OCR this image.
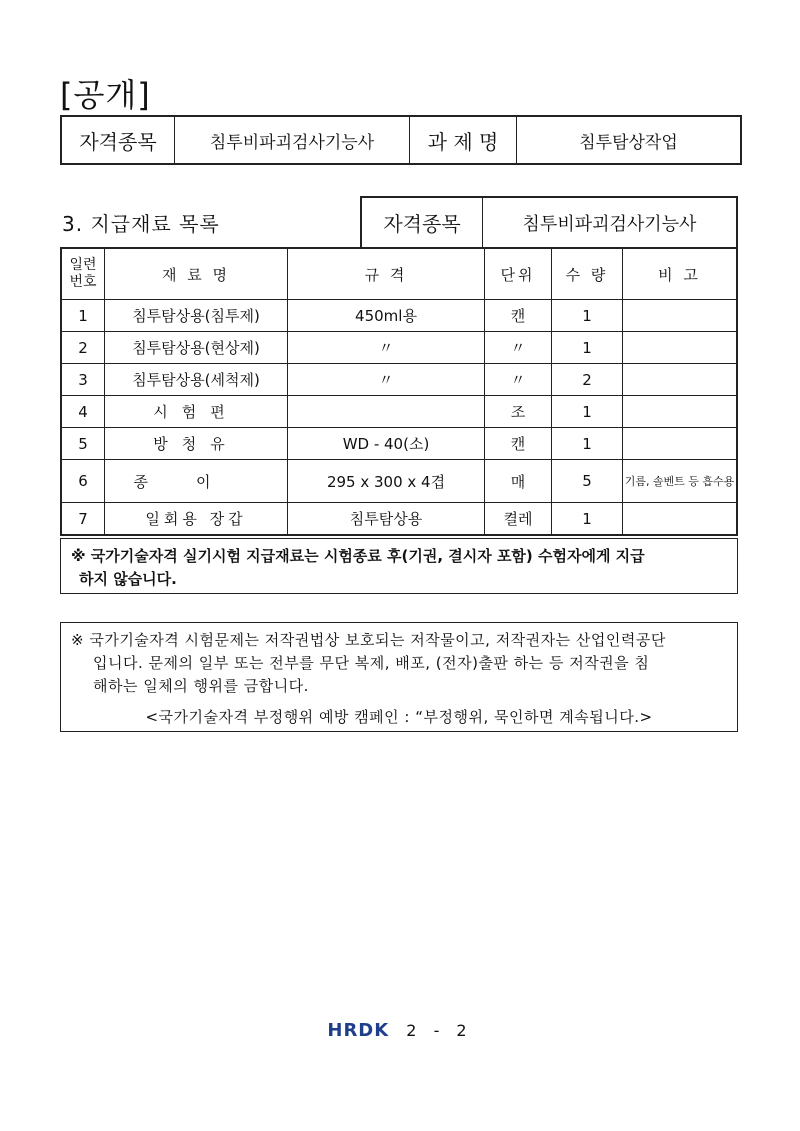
[공개]
자격종목	침투비파괴검사기능사	과 제 명	침투탐상작업
3. 지급재료 목록	자격종목	침투비파괴검사기능사
일련
번호	재 료 명	규 격	단위	수 량	비 고
1	침투탐상용(침투제)	450ml용	캔	1	
2	침투탐상용(현상제)	〃	〃	1	
3	침투탐상용(세척제)	〃	〃	2	
4	시험편		조	1	
5	방청유	WD - 40(소)	캔	1	
6	종이	295 x 300 x 4겹	매	5	기름, 솔벤트 등 흡수용
7	일회용 장갑	침투탐상용	켤레	1	
※ 국가기술자격 실기시험 지급재료는 시험종료 후(기권, 결시자 포함) 수험자에게 지급
하지 않습니다.
※ 국가기술자격 시험문제는 저작권법상 보호되는 저작물이고, 저작권자는 산업인력공단
입니다. 문제의 일부 또는 전부를 무단 복제, 배포, (전자)출판 하는 등 저작권을 침
해하는 일체의 행위를 금합니다.
<국가기술자격 부정행위 예방 캠페인 : “부정행위, 묵인하면 계속됩니다.>
HRDK 2 - 2
